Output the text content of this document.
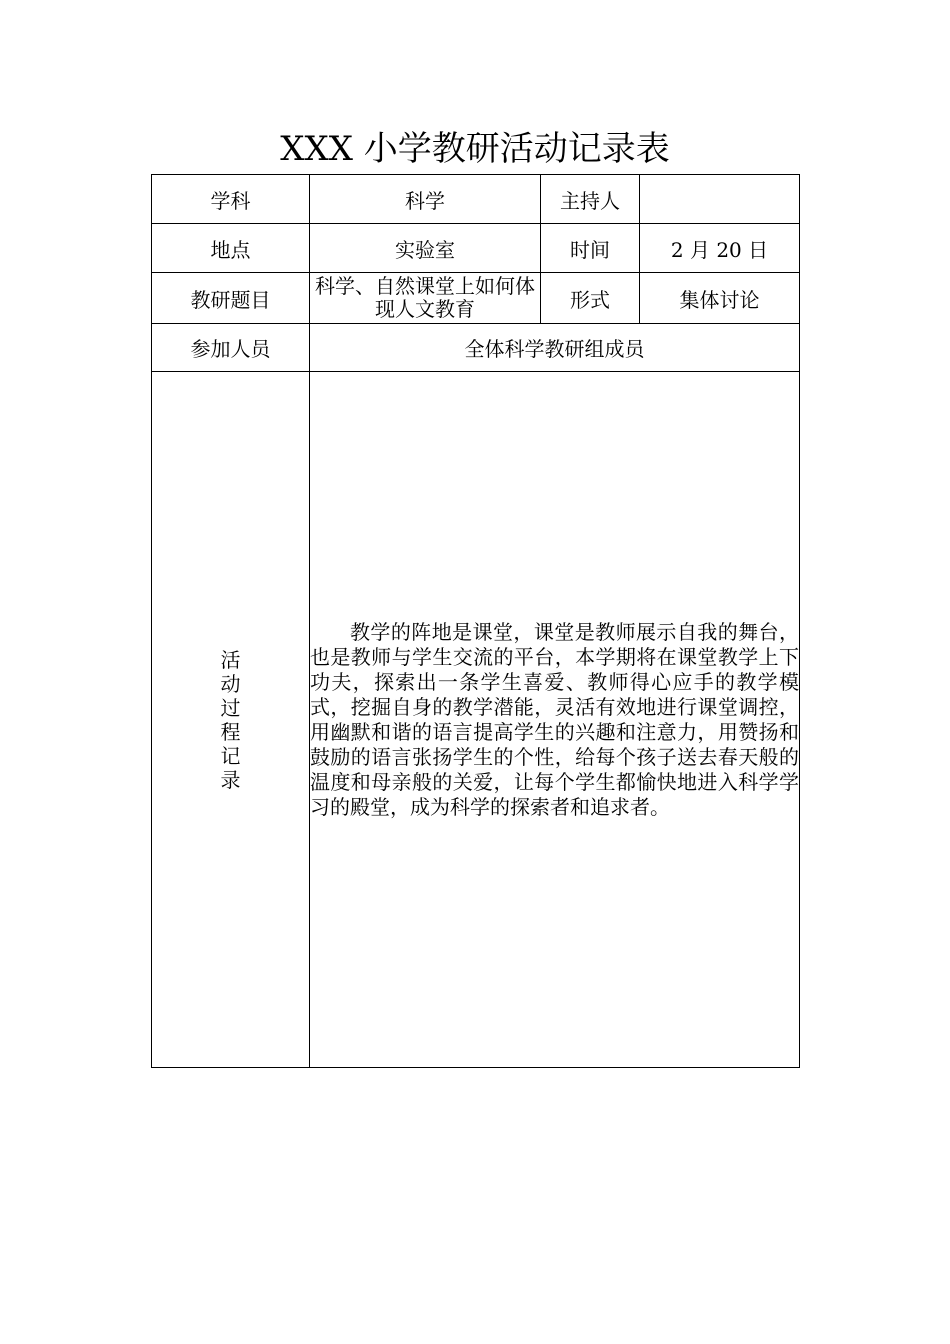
XXX 小学教研活动记录表
学科	科学	主持人	
地点	实验室	时间	2 月 20 日
教研题目	科学、自然课堂上如何体现人文教育	形式	集体讨论
参加人员	全体科学教研组成员		
活动过程记录	教学的阵地是课堂，课堂是教师展示自我的舞台，也是教师与学生交流的平台，本学期将在课堂教学上下功夫，探索出一条学生喜爱、教师得心应手的教学模式，挖掘自身的教学潜能，灵活有效地进行课堂调控，用幽默和谐的语言提高学生的兴趣和注意力，用赞扬和鼓励的语言张扬学生的个性，给每个孩子送去春天般的温度和母亲般的关爱，让每个学生都愉快地进入科学学习的殿堂，成为科学的探索者和追求者。		
